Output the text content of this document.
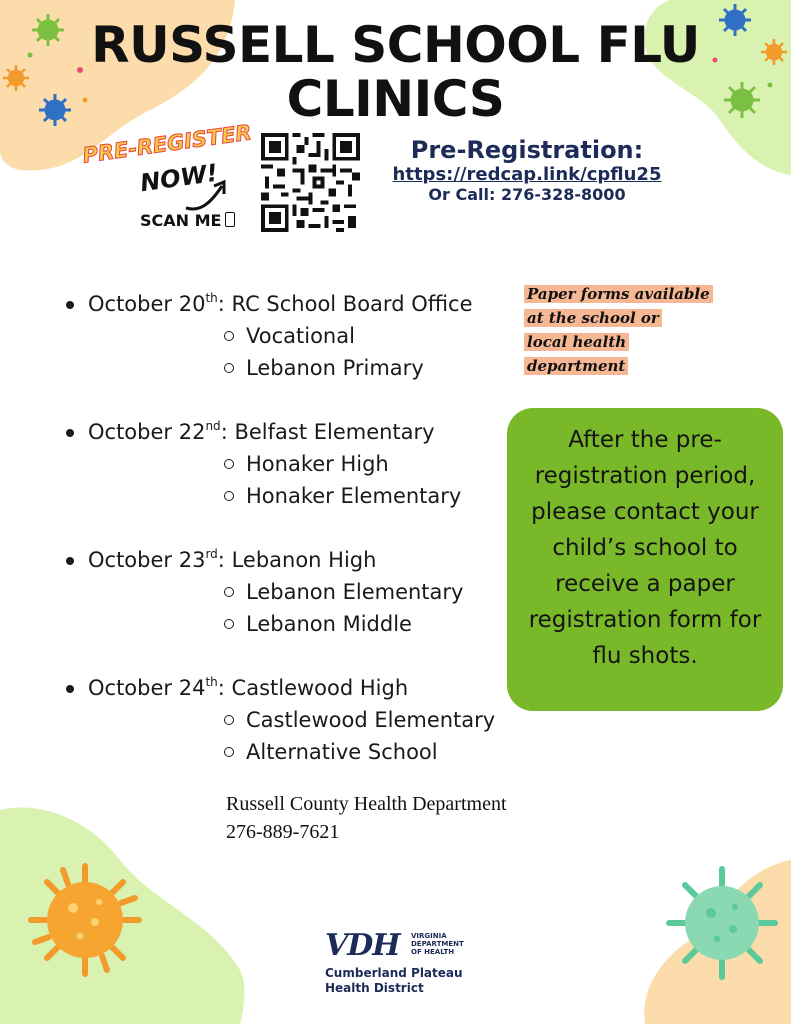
RUSSELL SCHOOL FLU CLINICS
PRE-REGISTER
NOW!
SCAN ME
Pre-Registration:
https://redcap.link/cpflu25
Or Call: 276-328-8000
October 20th: RC School Board Office
Vocational
Lebanon Primary
October 22nd: Belfast Elementary
Honaker High
Honaker Elementary
October 23rd: Lebanon High
Lebanon Elementary
Lebanon Middle
October 24th: Castlewood High
Castlewood Elementary
Alternative School
Paper forms available
at the school or
local health
department
After the pre-registration period, please contact your child’s school to receive a paper registration form for flu shots.
Russell County Health Department
276-889-7621
VDH VIRGINIA
DEPARTMENT
OF HEALTH
Cumberland Plateau
Health District
